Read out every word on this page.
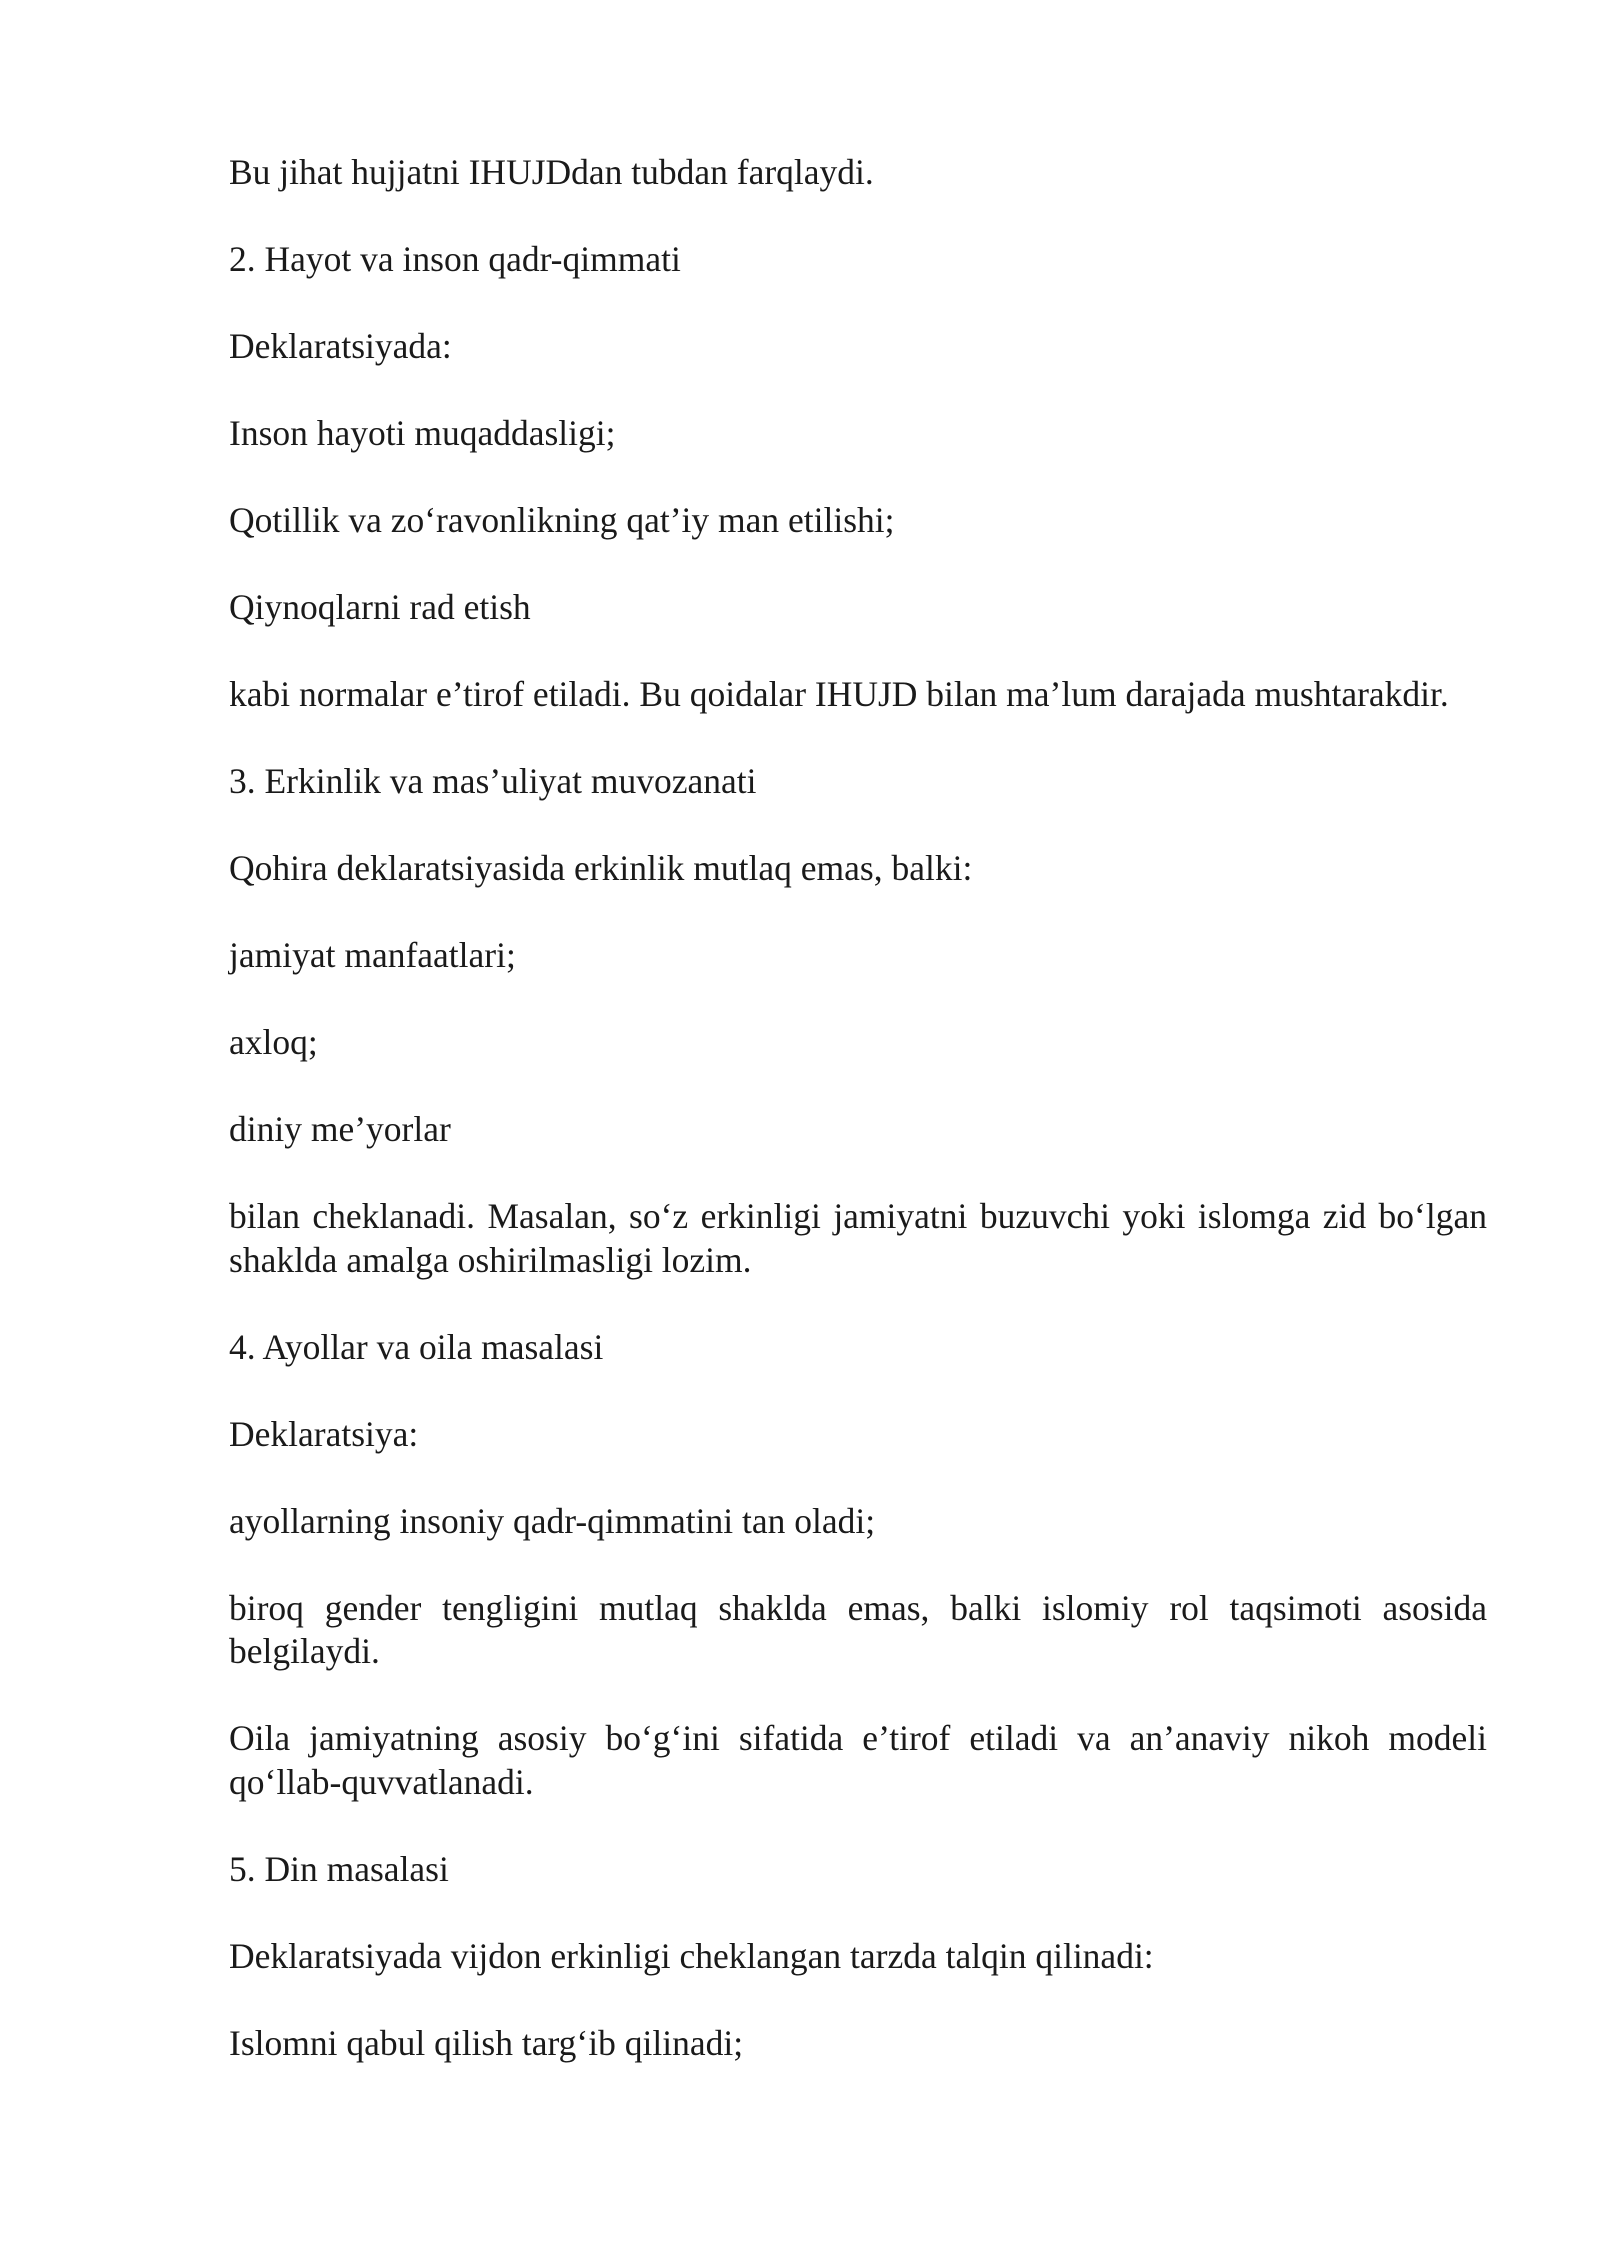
Bu jihat hujjatni IHUJDdan tubdan farqlaydi.

2. Hayot va inson qadr-qimmati

Deklaratsiyada:

Inson hayoti muqaddasligi;

Qotillik va zo‘ravonlikning qat’iy man etilishi;

Qiynoqlarni rad etish

kabi normalar e’tirof etiladi. Bu qoidalar IHUJD bilan ma’lum darajada mushtarakdir.

3. Erkinlik va mas’uliyat muvozanati

Qohira deklaratsiyasida erkinlik mutlaq emas, balki:

jamiyat manfaatlari;

axloq;

diniy me’yorlar

bilan cheklanadi. Masalan, so‘z erkinligi jamiyatni buzuvchi yoki islomga zid bo‘lgan shaklda amalga oshirilmasligi lozim.

4. Ayollar va oila masalasi

Deklaratsiya:

ayollarning insoniy qadr-qimmatini tan oladi;

biroq gender tengligini mutlaq shaklda emas, balki islomiy rol taqsimoti asosida belgilaydi.

Oila jamiyatning asosiy bo‘g‘ini sifatida e’tirof etiladi va an’anaviy nikoh modeli qo‘llab-quvvatlanadi.

5. Din masalasi

Deklaratsiyada vijdon erkinligi cheklangan tarzda talqin qilinadi:

Islomni qabul qilish targ‘ib qilinadi;
